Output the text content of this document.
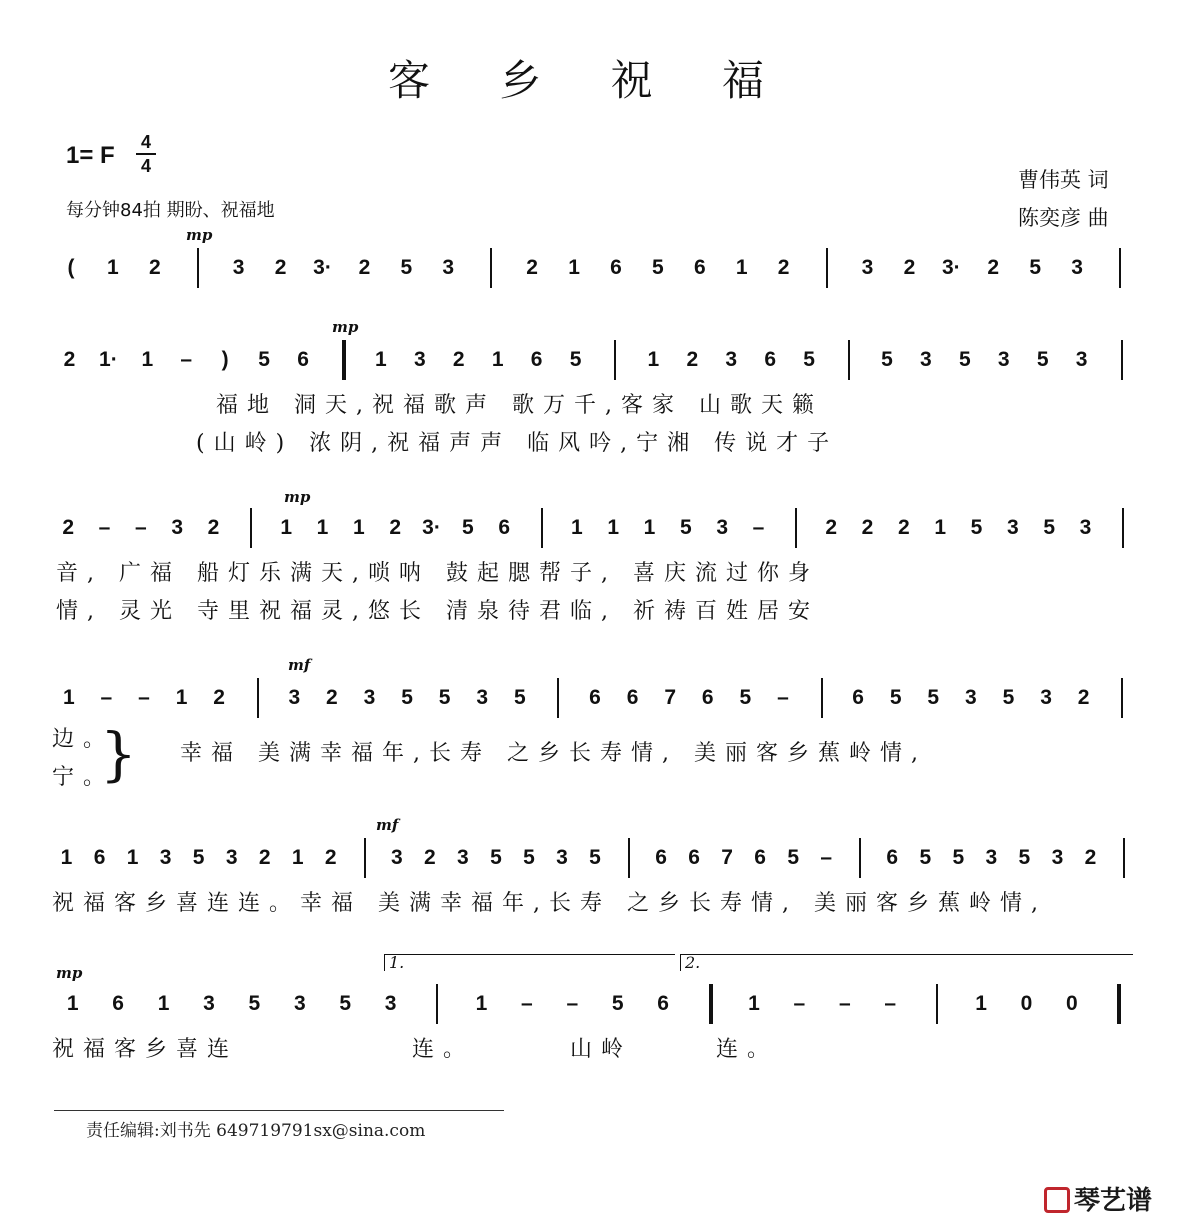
客 乡 祝 福
1= F 4
4
每分钟84拍 期盼、祝福地
曹伟英 词
陈奕彦 曲
mp
mp
mp
mf
mf
mp
(	1 2	3 2 3· 2 5 3	2 1 6 5 6 1 2	3 2 3· 2 5 3
2 1· 1 –	)	5 6	1 3 2 1 6 5	1 2 3 6 5	5 3 5 3 5 3
2 – – 3 2	1 1 1 2 3· 5 6	1 1 1 5 3 –	2 2 2 1 5 3 5 3
1 – – 1 2	3 2 3 5 5 3 5	6 6 7 6 5 –	6 5 5 3 5 3 2
1 6 1 3 5 3 2 1 2	3 2 3 5 5 3 5	6 6 7 6 5 –	6 5 5 3 5 3 2
1 6 1 3 5 3 5 3	1 – – 5 6	1 – – –	1 0 0
福地 洞天,祝福歌声 歌万千,客家 山歌天籁
(山岭) 浓阴,祝福声声 临风吟,宁湘 传说才子
音, 广福 船灯乐满天,唢呐 鼓起腮帮子, 喜庆流过你身
情, 灵光 寺里祝福灵,悠长 清泉待君临, 祈祷百姓居安
边。
宁。
} 幸福 美满幸福年,长寿 之乡长寿情, 美丽客乡蕉岭情,
祝福客乡喜连连。幸福 美满幸福年,长寿 之乡长寿情, 美丽客乡蕉岭情,
祝福客乡喜连	连。	山岭	连。
1.	2.
责任编辑:刘书先 649719791sx@sina.com
琴艺谱
